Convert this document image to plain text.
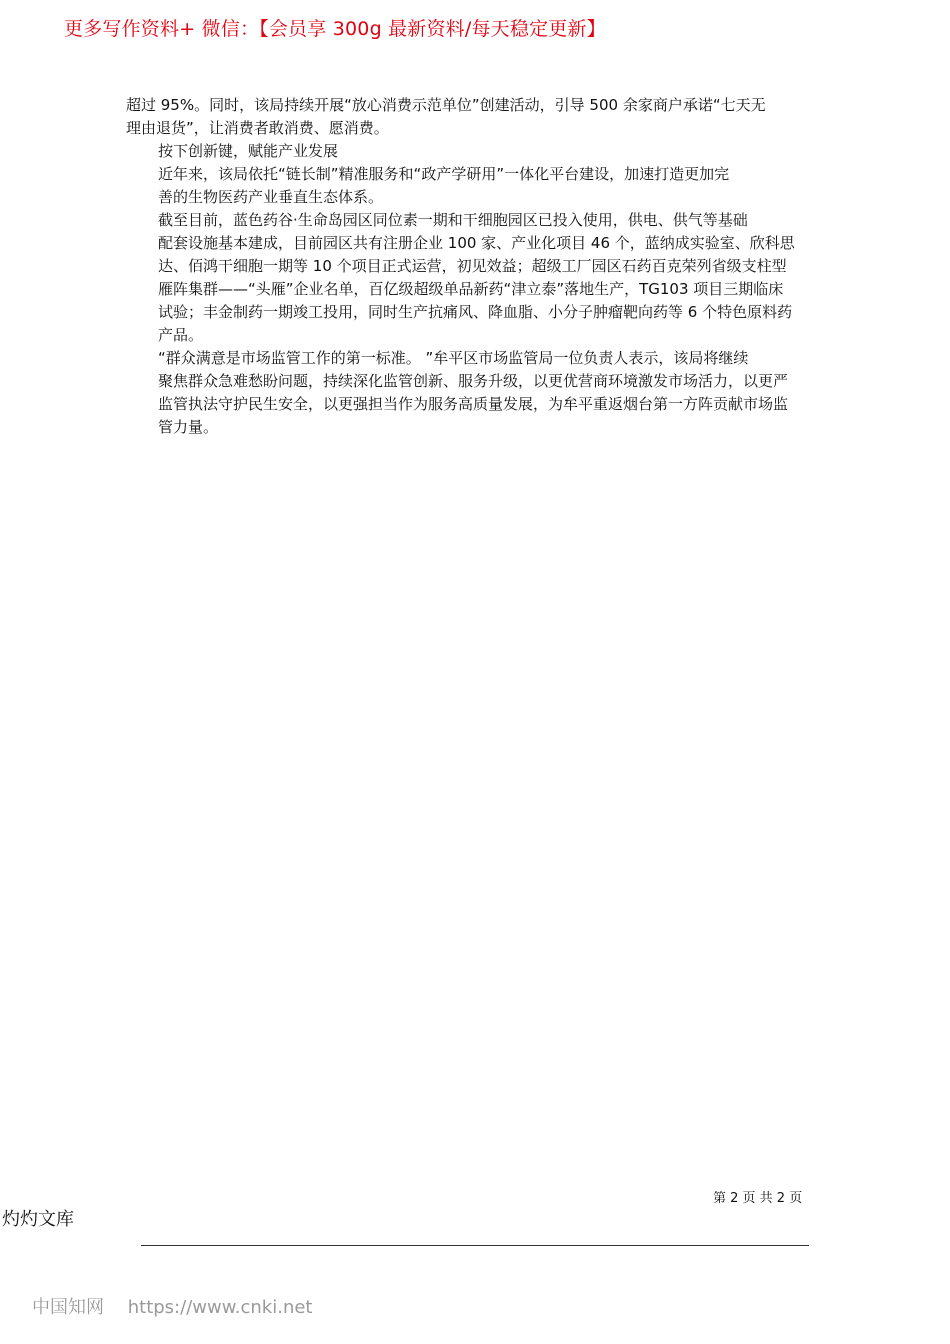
更多写作资料+ 微信：【会员享 300g 最新资料/每天稳定更新】

超过 95%。同时，该局持续开展“放心消费示范单位”创建活动，引导 500 余家商户承诺“七天无
理由退货”，让消费者敢消费、愿消费。

按下创新键，赋能产业发展

近年来，该局依托“链长制”精准服务和“政产学研用”一体化平台建设，加速打造更加完
善的生物医药产业垂直生态体系。

截至目前，蓝色药谷·生命岛园区同位素一期和干细胞园区已投入使用，供电、供气等基础
配套设施基本建成，目前园区共有注册企业 100 家、产业化项目 46 个，蓝纳成实验室、欣科思
达、佰鸿干细胞一期等 10 个项目正式运营，初见效益；超级工厂园区石药百克荣列省级支柱型
雁阵集群——“头雁”企业名单，百亿级超级单品新药“津立泰”落地生产，TG103 项目三期临床
试验；丰金制药一期竣工投用，同时生产抗痛风、降血脂、小分子肿瘤靶向药等 6 个特色原料药
产品。

“群众满意是市场监管工作的第一标准。 ”牟平区市场监管局一位负责人表示，该局将继续
聚焦群众急难愁盼问题，持续深化监管创新、服务升级，以更优营商环境激发市场活力，以更严
监管执法守护民生安全，以更强担当作为服务高质量发展，为牟平重返烟台第一方阵贡献市场监
管力量。

第 2 页 共 2 页
灼灼文库
中国知网 https://www.cnki.net
